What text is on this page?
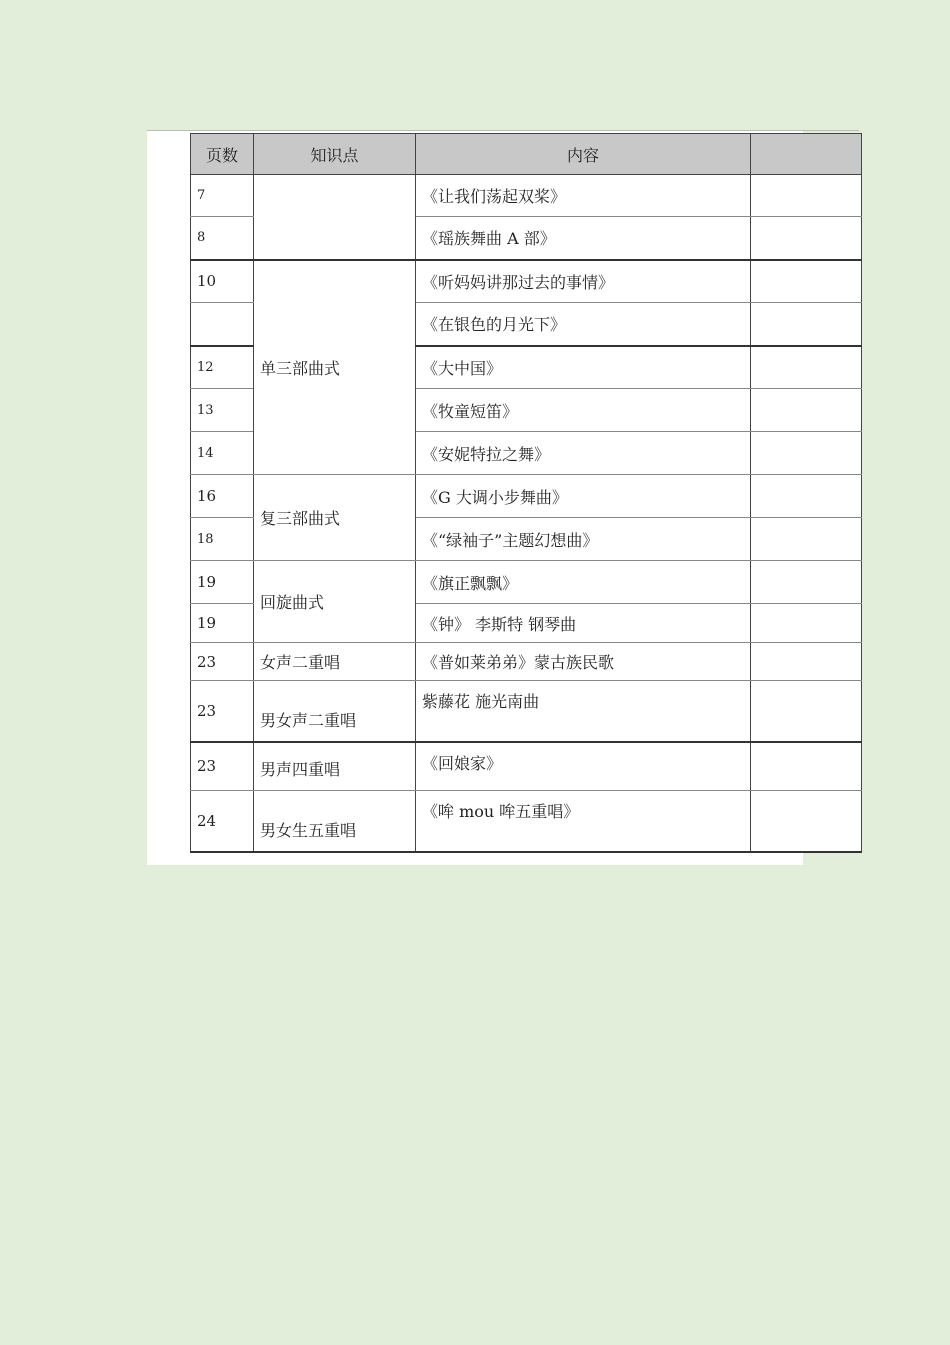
页数	知识点	内容	
7		《让我们荡起双桨》	
8		《瑶族舞曲 A 部》	
10	单三部曲式	《听妈妈讲那过去的事情》	
		《在银色的月光下》	
12		《大中国》	
13		《牧童短笛》	
14		《安妮特拉之舞》	
16	复三部曲式	《G 大调小步舞曲》	
18		《“绿袖子”主题幻想曲》	
19	回旋曲式	《旗正飘飘》	
19		《钟》 李斯特 钢琴曲	
23	女声二重唱	《普如莱弟弟》蒙古族民歌	
23	男女声二重唱	紫藤花 施光南曲	
23	男声四重唱	《回娘家》	
24	男女生五重唱	《哞 mou 哞五重唱》	
